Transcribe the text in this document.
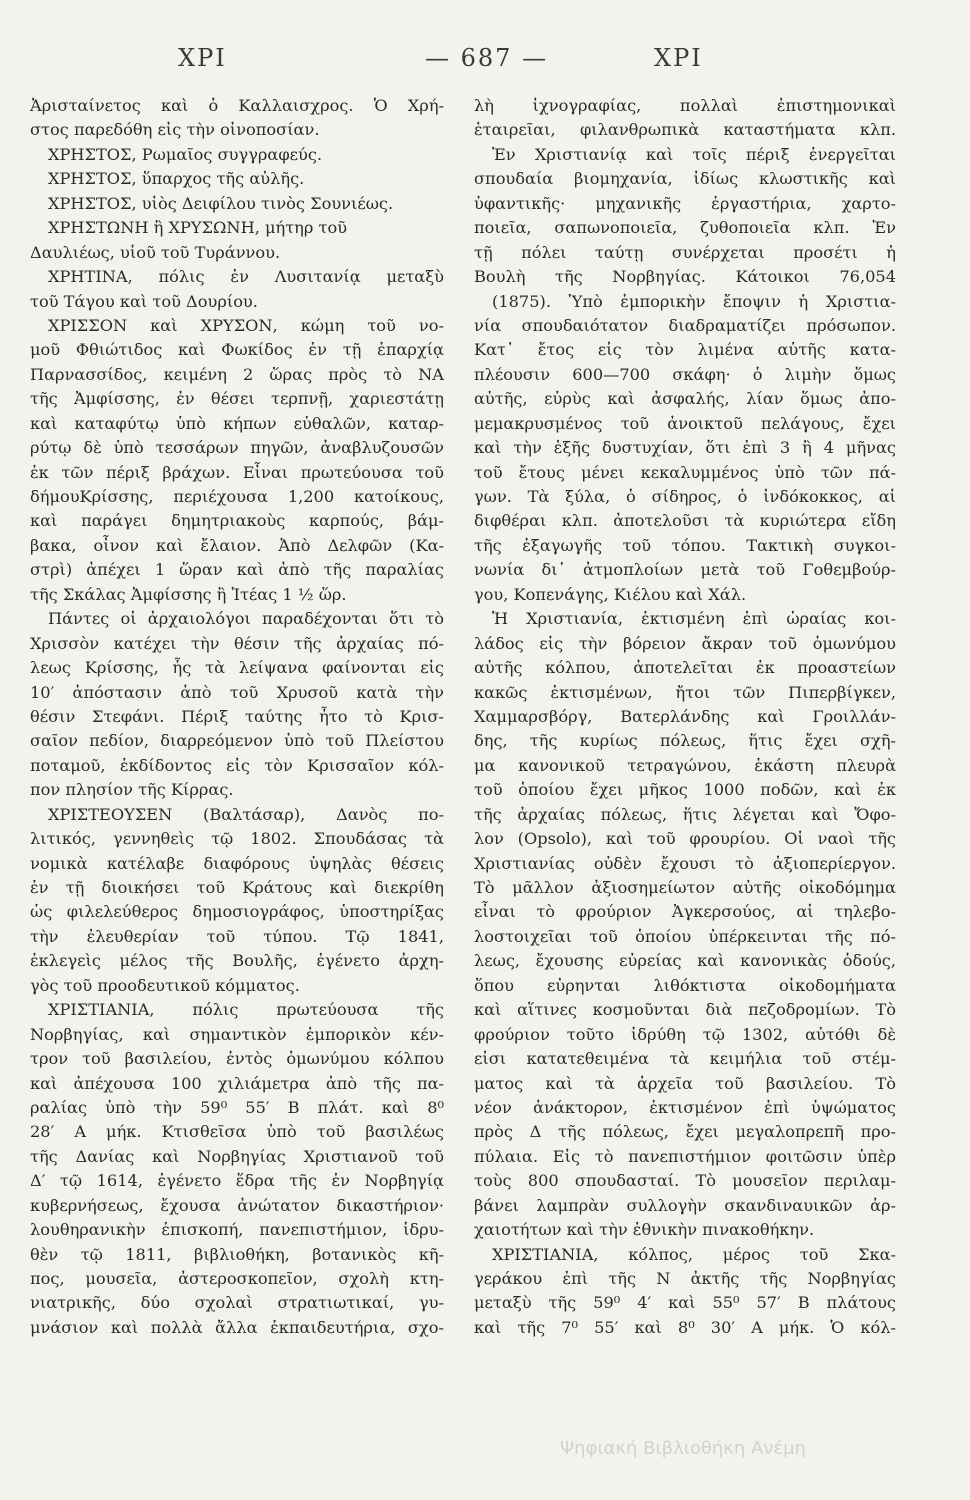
ΧΡΙ	— 687 —	ΧΡΙ
Ἀρισταίνετος καὶ ὁ Καλλαισχρος. Ὁ Χρή-
στος παρεδόθη εἰς τὴν οἰνοποσίαν.
ΧΡΗΣΤΟΣ, Ρωμαῖος συγγραφεύς.
ΧΡΗΣΤΟΣ, ὕπαρχος τῆς αὐλῆς.
ΧΡΗΣΤΟΣ, υἱὸς Δειφίλου τινὸς Σουνιέως.
ΧΡΗΣΤΩΝΗ ἢ ΧΡΥΣΩΝΗ, μήτηρ τοῦ
Δαυλιέως, υἱοῦ τοῦ Τυράννου.
ΧΡΗΤΙΝΑ, πόλις ἐν Λυσιτανίᾳ μεταξὺ
τοῦ Τάγου καὶ τοῦ Δουρίου.
ΧΡΙΣΣΟΝ καὶ ΧΡΥΣΟΝ, κώμη τοῦ νο-
μοῦ Φθιώτιδος καὶ Φωκίδος ἐν τῇ ἐπαρχίᾳ
Παρνασσίδος, κειμένη 2 ὥρας πρὸς τὸ ΝΑ
τῆς Ἀμφίσσης, ἐν θέσει τερπνῇ, χαριεστάτῃ
καὶ καταφύτῳ ὑπὸ κήπων εὐθαλῶν, καταρ-
ρύτῳ δὲ ὑπὸ τεσσάρων πηγῶν, ἀναβλυζουσῶν
ἐκ τῶν πέριξ βράχων. Εἶναι πρωτεύουσα τοῦ
δήμουΚρίσσης, περιέχουσα 1,200 κατοίκους,
καὶ παράγει δημητριακοὺς καρπούς, βάμ-
βακα, οἶνον καὶ ἔλαιον. Ἀπὸ Δελφῶν (Κα-
στρὶ) ἀπέχει 1 ὥραν καὶ ἀπὸ τῆς παραλίας
τῆς Σκάλας Ἀμφίσσης ἢ Ἰτέας 1 ½ ὥρ.
Πάντες οἱ ἀρχαιολόγοι παραδέχονται ὅτι τὸ
Χρισσὸν κατέχει τὴν θέσιν τῆς ἀρχαίας πό-
λεως Κρίσσης, ἧς τὰ λείψανα φαίνονται εἰς
10′ ἀπόστασιν ἀπὸ τοῦ Χρυσοῦ κατὰ τὴν
θέσιν Στεφάνι. Πέριξ ταύτης ἦτο τὸ Κρισ-
σαῖον πεδίον, διαρρεόμενον ὑπὸ τοῦ Πλείστου
ποταμοῦ, ἐκδίδοντος εἰς τὸν Κρισσαῖον κόλ-
πον πλησίον τῆς Κίρρας.
ΧΡΙΣΤΕΟΥΣΕΝ (Βαλτάσαρ), Δανὸς πο-
λιτικός, γεννηθεὶς τῷ 1802. Σπουδάσας τὰ
νομικὰ κατέλαβε διαφόρους ὑψηλὰς θέσεις
ἐν τῇ διοικήσει τοῦ Κράτους καὶ διεκρίθη
ὡς φιλελεύθερος δημοσιογράφος, ὑποστηρίξας
τὴν ἐλευθερίαν τοῦ τύπου. Τῷ 1841,
ἐκλεγεὶς μέλος τῆς Βουλῆς, ἐγένετο ἀρχη-
γὸς τοῦ προοδευτικοῦ κόμματος.
ΧΡΙΣΤΙΑΝΙΑ, πόλις πρωτεύουσα τῆς
Νορβηγίας, καὶ σημαντικὸν ἐμπορικὸν κέν-
τρον τοῦ βασιλείου, ἐντὸς ὁμωνύμου κόλπου
καὶ ἀπέχουσα 100 χιλιάμετρα ἀπὸ τῆς πα-
ραλίας ὑπὸ τὴν 59⁰ 55′ Β πλάτ. καὶ 8⁰
28′ Α μήκ. Κτισθεῖσα ὑπὸ τοῦ βασιλέως
τῆς Δανίας καὶ Νορβηγίας Χριστιανοῦ τοῦ
Δ′ τῷ 1614, ἐγένετο ἕδρα τῆς ἐν Νορβηγίᾳ
κυβερνήσεως, ἔχουσα ἀνώτατον δικαστήριον·
λουθηρανικὴν ἐπισκοπή, πανεπιστήμιον, ἱδρυ-
θὲν τῷ 1811, βιβλιοθήκη, βοτανικὸς κῆ-
πος, μουσεῖα, ἀστεροσκοπεῖον, σχολὴ κτη-
νιατρικῆς, δύο σχολαὶ στρατιωτικαί, γυ-
μνάσιον καὶ πολλὰ ἄλλα ἐκπαιδευτήρια, σχο-
λὴ ἰχνογραφίας, πολλαὶ ἐπιστημονικαὶ
ἑταιρεῖαι, φιλανθρωπικὰ καταστήματα κλπ.
Ἐν Χριστιανίᾳ καὶ τοῖς πέριξ ἐνεργεῖται
σπουδαία βιομηχανία, ἰδίως κλωστικῆς καὶ
ὑφαντικῆς· μηχανικῆς ἐργαστήρια, χαρτο-
ποιεῖα, σαπωνοποιεῖα, ζυθοποιεῖα κλπ. Ἐν
τῇ πόλει ταύτῃ συνέρχεται προσέτι ἡ
Βουλὴ τῆς Νορβηγίας. Κάτοικοι 76,054
(1875). Ὑπὸ ἐμπορικὴν ἔποψιν ἡ Χριστια-
νία σπουδαιότατον διαδραματίζει πρόσωπον.
Κατ᾽ ἔτος εἰς τὸν λιμένα αὐτῆς κατα-
πλέουσιν 600—700 σκάφη· ὁ λιμὴν ὅμως
αὐτῆς, εὐρὺς καὶ ἀσφαλής, λίαν ὅμως ἀπο-
μεμακρυσμένος τοῦ ἀνοικτοῦ πελάγους, ἔχει
καὶ τὴν ἑξῆς δυστυχίαν, ὅτι ἐπὶ 3 ἢ 4 μῆνας
τοῦ ἔτους μένει κεκαλυμμένος ὑπὸ τῶν πά-
γων. Τὰ ξύλα, ὁ σίδηρος, ὁ ἰνδόκοκκος, αἱ
διφθέραι κλπ. ἀποτελοῦσι τὰ κυριώτερα εἴδη
τῆς ἐξαγωγῆς τοῦ τόπου. Τακτικὴ συγκοι-
νωνία δι᾽ ἀτμοπλοίων μετὰ τοῦ Γοθεμβούρ-
γου, Κοπενάγης, Κιέλου καὶ Χάλ.
Ἡ Χριστιανία, ἐκτισμένη ἐπὶ ὡραίας κοι-
λάδος εἰς τὴν βόρειον ἄκραν τοῦ ὁμωνύμου
αὐτῆς κόλπου, ἀποτελεῖται ἐκ προαστείων
κακῶς ἐκτισμένων, ἤτοι τῶν Πιπερβίγκεν,
Χαμμαρσβόργ, Βατερλάνδης καὶ Γροιλλάν-
δης, τῆς κυρίως πόλεως, ἥτις ἔχει σχῆ-
μα κανονικοῦ τετραγώνου, ἑκάστη πλευρὰ
τοῦ ὁποίου ἔχει μῆκος 1000 ποδῶν, καὶ ἐκ
τῆς ἀρχαίας πόλεως, ἥτις λέγεται καὶ Ὄφο-
λον (Opsolo), καὶ τοῦ φρουρίου. Οἱ ναοὶ τῆς
Χριστιανίας οὐδὲν ἔχουσι τὸ ἀξιοπερίεργον.
Τὸ μᾶλλον ἀξιοσημείωτον αὐτῆς οἰκοδόμημα
εἶναι τὸ φρούριον Ἀγκερσούος, αἱ τηλεβο-
λοστοιχεῖαι τοῦ ὁποίου ὑπέρκεινται τῆς πό-
λεως, ἔχουσης εὐρείας καὶ κανονικὰς ὁδούς,
ὅπου εὑρηνται λιθόκτιστα οἰκοδομήματα
καὶ αἵτινες κοσμοῦνται διὰ πεζοδρομίων. Τὸ
φρούριον τοῦτο ἱδρύθη τῷ 1302, αὐτόθι δὲ
εἰσι κατατεθειμένα τὰ κειμήλια τοῦ στέμ-
ματος καὶ τὰ ἀρχεῖα τοῦ βασιλείου. Τὸ
νέον ἀνάκτορον, ἐκτισμένον ἐπὶ ὑψώματος
πρὸς Δ τῆς πόλεως, ἔχει μεγαλοπρεπῆ προ-
πύλαια. Εἰς τὸ πανεπιστήμιον φοιτῶσιν ὑπὲρ
τοὺς 800 σπουδασταί. Τὸ μουσεῖον περιλαμ-
βάνει λαμπρὰν συλλογὴν σκανδιναυικῶν ἀρ-
χαιοτήτων καὶ τὴν ἐθνικὴν πινακοθήκην.
ΧΡΙΣΤΙΑΝΙΑ, κόλπος, μέρος τοῦ Σκα-
γεράκου ἐπὶ τῆς Ν ἀκτῆς τῆς Νορβηγίας
μεταξὺ τῆς 59⁰ 4′ καὶ 55⁰ 57′ Β πλάτους
καὶ τῆς 7⁰ 55′ καὶ 8⁰ 30′ Α μήκ. Ὁ κόλ-
Ψηφιακή Βιβλιοθήκη Ανέμη
